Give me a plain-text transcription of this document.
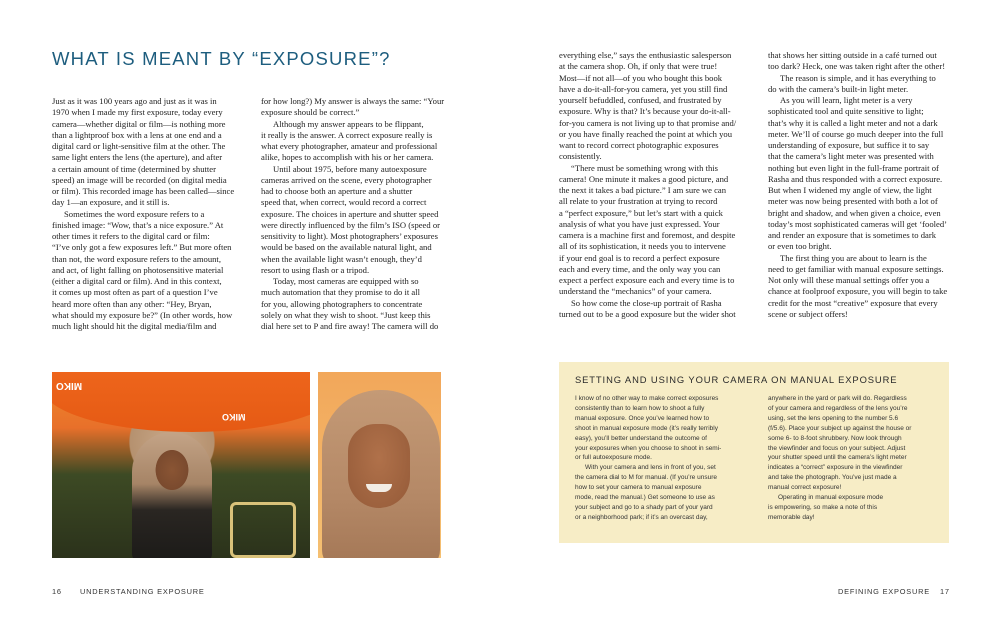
WHAT IS MEANT BY “EXPOSURE”?
Just as it was 100 years ago and just as it was in
1970 when I made my first exposure, today every
camera—whether digital or film—is nothing more
than a lightproof box with a lens at one end and a
digital card or light-sensitive film at the other. The
same light enters the lens (the aperture), and after
a certain amount of time (determined by shutter
speed) an image will be recorded (on digital media
or film). This recorded image has been called—since
day 1—an exposure, and it still is.
Sometimes the word exposure refers to a
finished image: “Wow, that’s a nice exposure.” At
other times it refers to the digital card or film:
“I’ve only got a few exposures left.” But more often
than not, the word exposure refers to the amount,
and act, of light falling on photosensitive material
(either a digital card or film). And in this context,
it comes up most often as part of a question I’ve
heard more often than any other: “Hey, Bryan,
what should my exposure be?” (In other words, how
much light should hit the digital media/film and
for how long?) My answer is always the same: “Your
exposure should be correct.”
Although my answer appears to be flippant,
it really is the answer. A correct exposure really is
what every photographer, amateur and professional
alike, hopes to accomplish with his or her camera.
Until about 1975, before many autoexposure
cameras arrived on the scene, every photographer
had to choose both an aperture and a shutter
speed that, when correct, would record a correct
exposure. The choices in aperture and shutter speed
were directly influenced by the film’s ISO (speed or
sensitivity to light). Most photographers’ exposures
would be based on the available natural light, and
when the available light wasn’t enough, they’d
resort to using flash or a tripod.
Today, most cameras are equipped with so
much automation that they promise to do it all
for you, allowing photographers to concentrate
solely on what they wish to shoot. “Just keep this
dial here set to P and fire away! The camera will do
MIKO
MIKO
16 UNDERSTANDING EXPOSURE
everything else,” says the enthusiastic salesperson
at the camera shop. Oh, if only that were true!
Most—if not all—of you who bought this book
have a do-it-all-for-you camera, yet you still find
yourself befuddled, confused, and frustrated by
exposure. Why is that? It’s because your do-it-all-
for-you camera is not living up to that promise and/
or you have finally reached the point at which you
want to record correct photographic exposures
consistently.
“There must be something wrong with this
camera! One minute it makes a good picture, and
the next it takes a bad picture.” I am sure we can
all relate to your frustration at trying to record
a “perfect exposure,” but let’s start with a quick
analysis of what you have just expressed. Your
camera is a machine first and foremost, and despite
all of its sophistication, it needs you to intervene
if your end goal is to record a perfect exposure
each and every time, and the only way you can
expect a perfect exposure each and every time is to
understand the “mechanics” of your camera.
So how come the close-up portrait of Rasha
turned out to be a good exposure but the wider shot
that shows her sitting outside in a café turned out
too dark? Heck, one was taken right after the other!
The reason is simple, and it has everything to
do with the camera’s built-in light meter.
As you will learn, light meter is a very
sophisticated tool and quite sensitive to light;
that’s why it is called a light meter and not a dark
meter. We’ll of course go much deeper into the full
understanding of exposure, but suffice it to say
that the camera’s light meter was presented with
nothing but even light in the full-frame portrait of
Rasha and thus responded with a correct exposure.
But when I widened my angle of view, the light
meter was now being presented with both a lot of
bright and shadow, and when given a choice, even
today’s most sophisticated cameras will get ‘fooled’
and render an exposure that is sometimes to dark
or even too bright.
The first thing you are about to learn is the
need to get familiar with manual exposure settings.
Not only will these manual settings offer you a
chance at foolproof exposure, you will begin to take
credit for the most “creative” exposure that every
scene or subject offers!
SETTING AND USING YOUR CAMERA ON MANUAL EXPOSURE
I know of no other way to make correct exposures
consistently than to learn how to shoot a fully
manual exposure. Once you’ve learned how to
shoot in manual exposure mode (it’s really terribly
easy), you’ll better understand the outcome of
your exposures when you choose to shoot in semi-
or full autoexposure mode.
With your camera and lens in front of you, set
the camera dial to M for manual. (If you’re unsure
how to set your camera to manual exposure
mode, read the manual.) Get someone to use as
your subject and go to a shady part of your yard
or a neighborhood park; if it’s an overcast day,
anywhere in the yard or park will do. Regardless
of your camera and regardless of the lens you’re
using, set the lens opening to the number 5.6
(f/5.6). Place your subject up against the house or
some 6- to 8-foot shrubbery. Now look through
the viewfinder and focus on your subject. Adjust
your shutter speed until the camera’s light meter
indicates a “correct” exposure in the viewfinder
and take the photograph. You’ve just made a
manual correct exposure!
Operating in manual exposure mode
is empowering, so make a note of this
memorable day!
DEFINING EXPOSURE 17
